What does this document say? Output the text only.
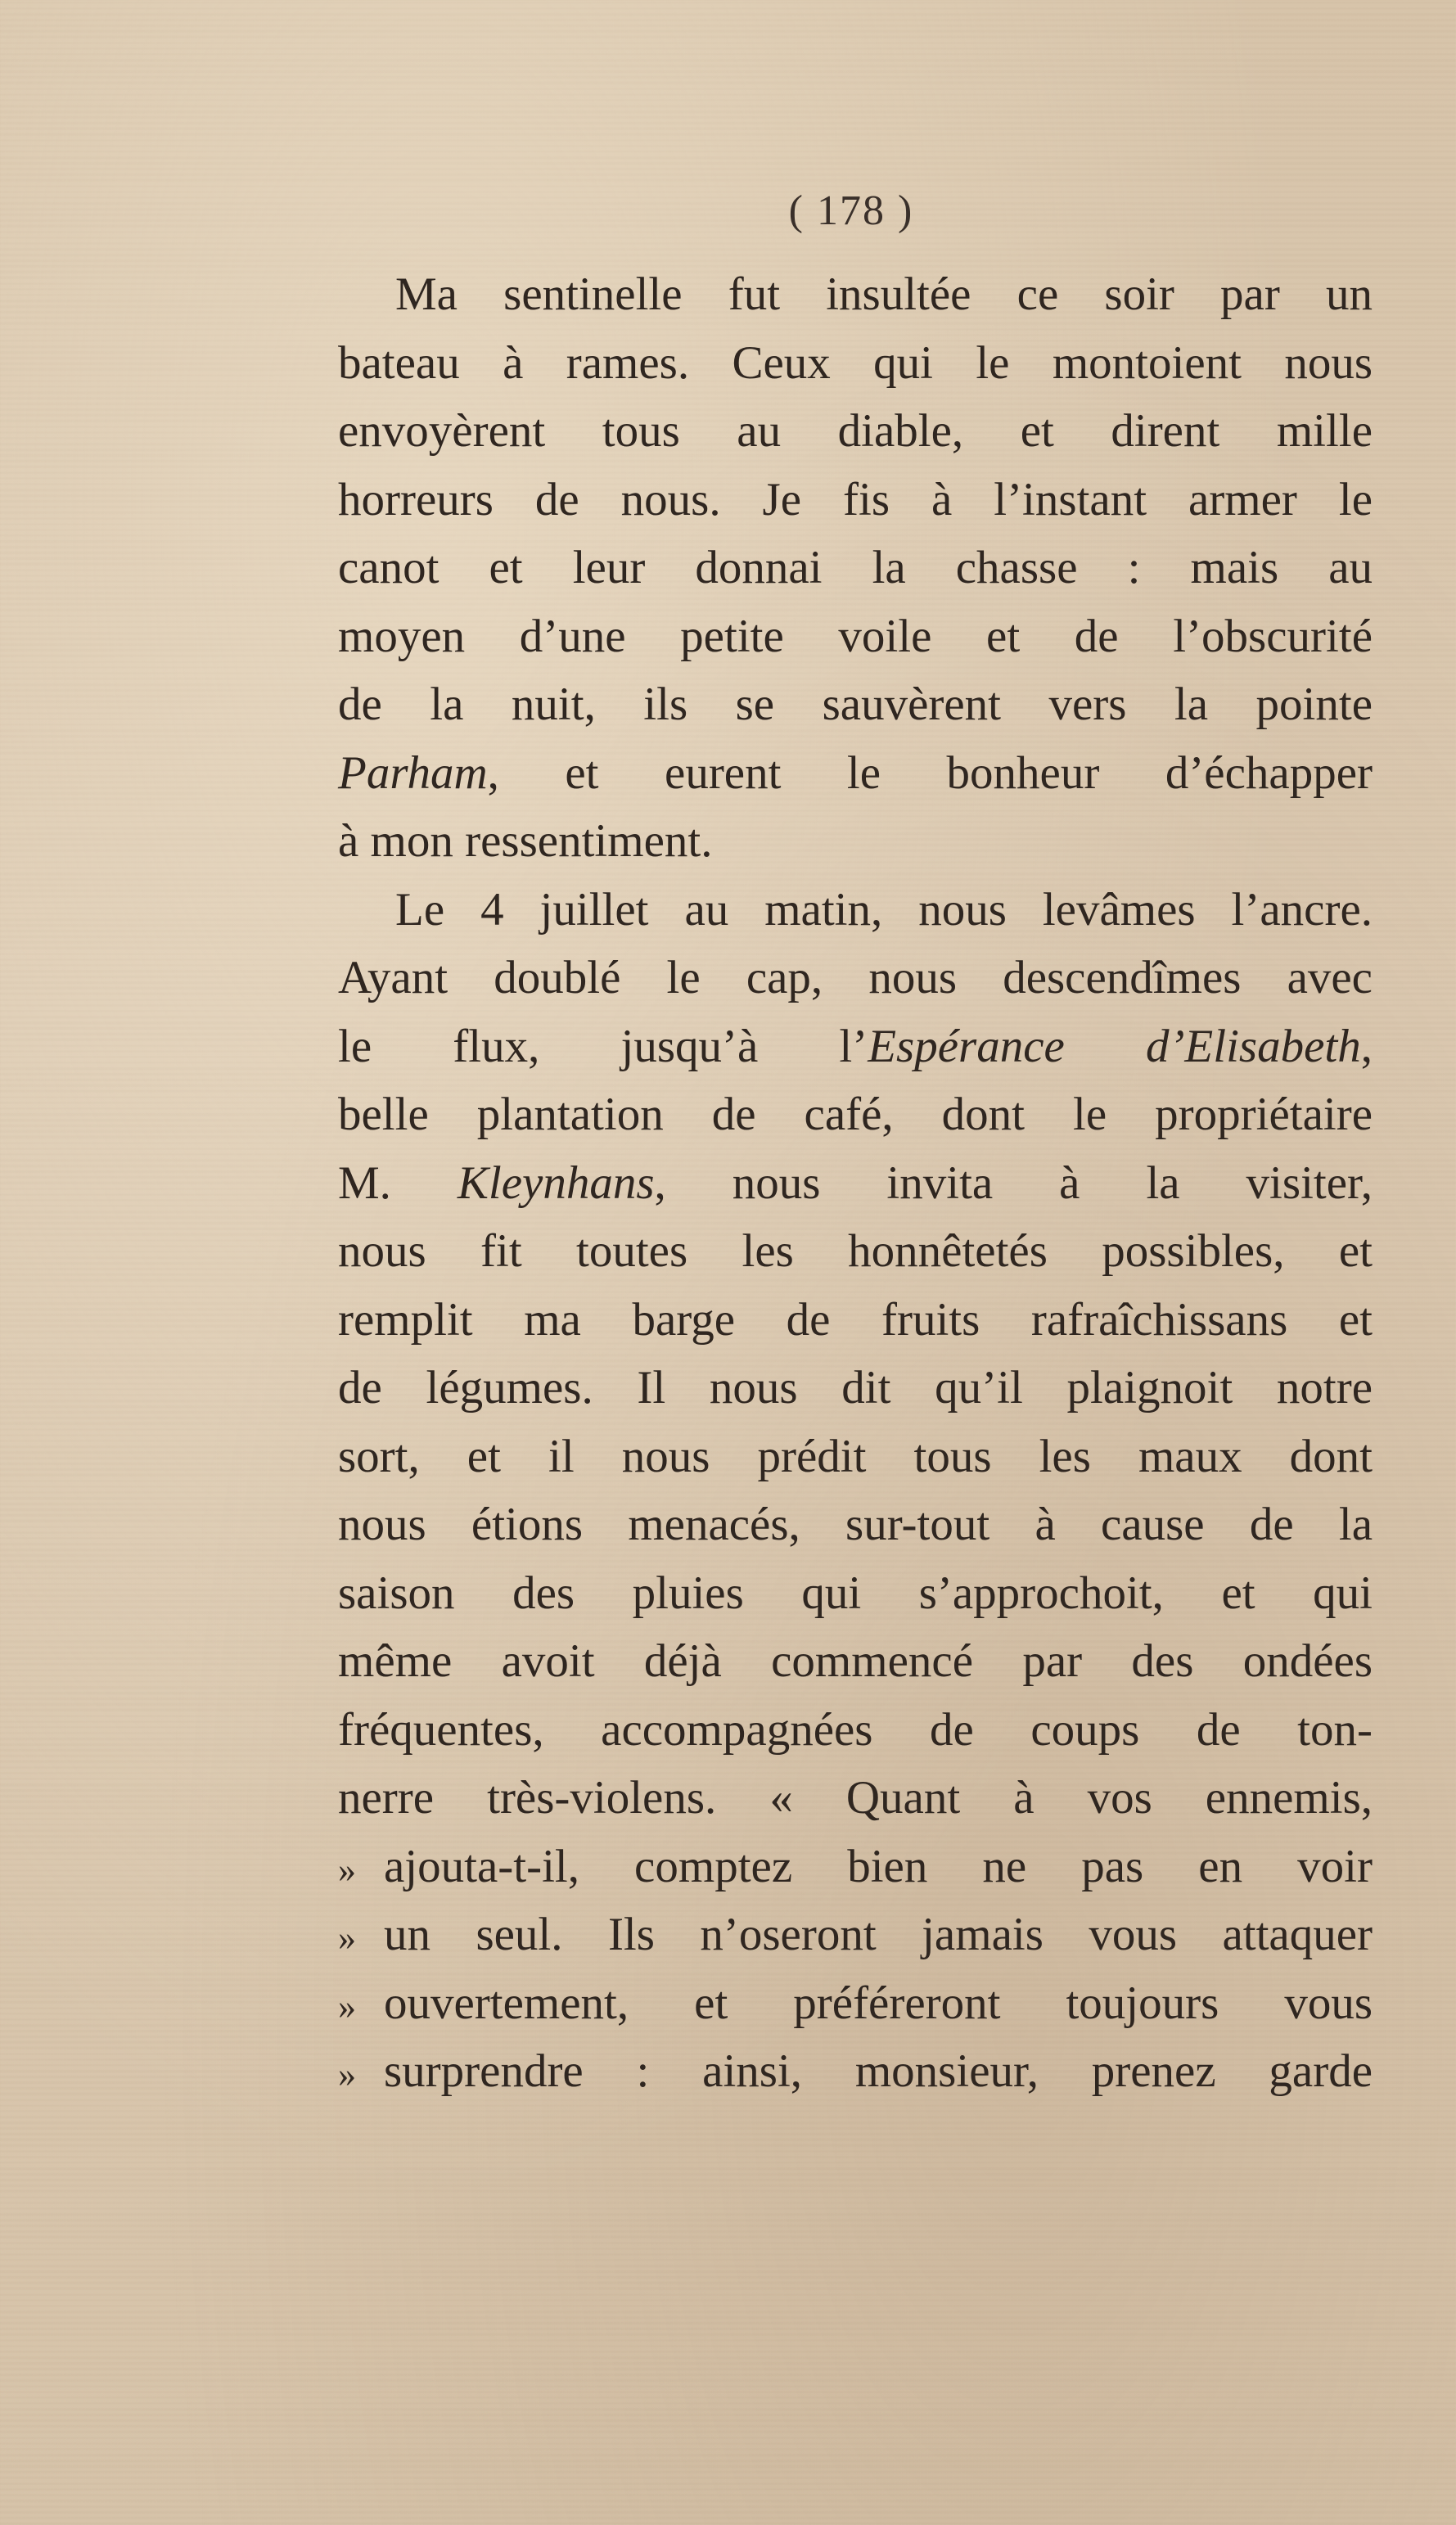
( 178 )
Ma sentinelle fut insultée ce soir par un
bateau à rames. Ceux qui le montoient nous
envoyèrent tous au diable, et dirent mille
horreurs de nous. Je fis à l’instant armer le
canot et leur donnai la chasse : mais au
moyen d’une petite voile et de l’obscurité
de la nuit, ils se sauvèrent vers la pointe
Parham, et eurent le bonheur d’échapper
à mon ressentiment.
Le 4 juillet au matin, nous levâmes l’ancre.
Ayant doublé le cap, nous descendîmes avec
le flux, jusqu’à l’Espérance d’Elisabeth,
belle plantation de café, dont le propriétaire
M. Kleynhans, nous invita à la visiter,
nous fit toutes les honnêtetés possibles, et
remplit ma barge de fruits rafraîchissans et
de légumes. Il nous dit qu’il plaignoit notre
sort, et il nous prédit tous les maux dont
nous étions menacés, sur-tout à cause de la
saison des pluies qui s’approchoit, et qui
même avoit déjà commencé par des ondées
fréquentes, accompagnées de coups de ton-
nerre très-violens. « Quant à vos ennemis,
» ajouta-t-il, comptez bien ne pas en voir
» un seul. Ils n’oseront jamais vous attaquer
» ouvertement, et préféreront toujours vous
» surprendre : ainsi, monsieur, prenez garde
